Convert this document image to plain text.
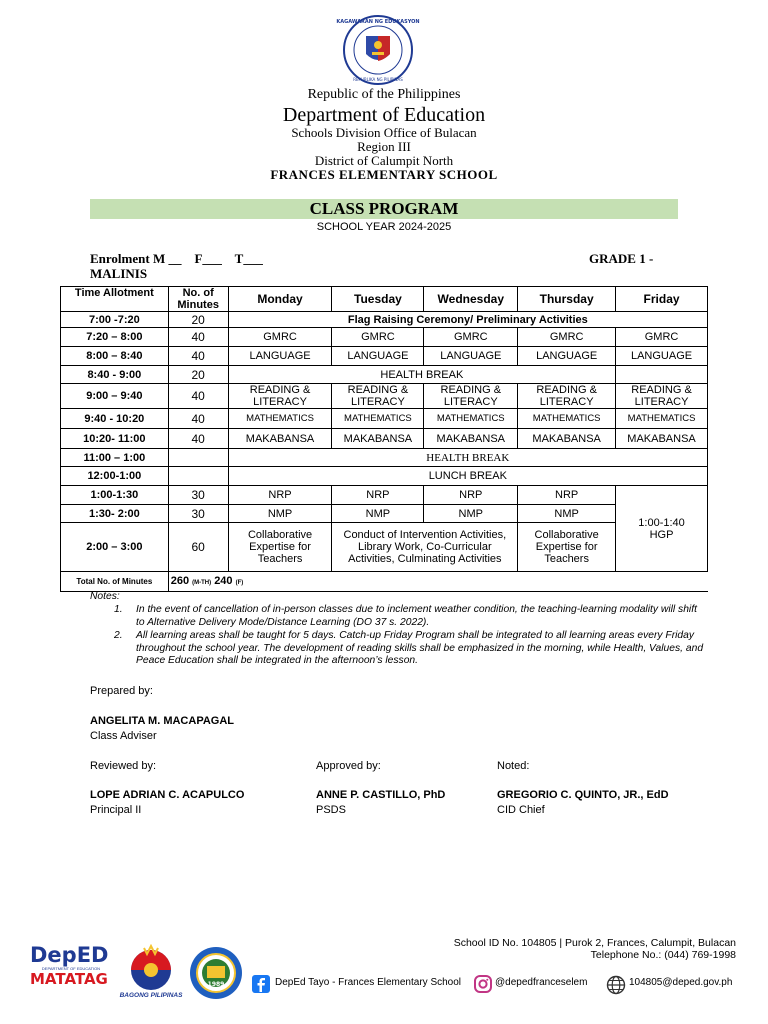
KAGAWARAN NG EDUKASYON
REPUBLIKA NG PILIPINAS
Republic of the Philippines
Department of Education
Schools Division Office of Bulacan
Region III
District of Calumpit North
FRANCES ELEMENTARY SCHOOL
CLASS PROGRAM
SCHOOL YEAR 2024-2025
Enrolment M __    F___    T___	GRADE 1 -
MALINIS
Time Allotment	No. of Minutes	Monday	Tuesday	Wednesday	Thursday	Friday
7:00 -7:20	20	Flag Raising Ceremony/ Preliminary Activities				
7:20 – 8:00	40	GMRC	GMRC	GMRC	GMRC	GMRC
8:00 – 8:40	40	LANGUAGE	LANGUAGE	LANGUAGE	LANGUAGE	LANGUAGE
8:40 - 9:00	20	HEALTH BREAK				
9:00 – 9:40	40	READING & LITERACY	READING & LITERACY	READING & LITERACY	READING & LITERACY	READING & LITERACY
9:40 - 10:20	40	MATHEMATICS	MATHEMATICS	MATHEMATICS	MATHEMATICS	MATHEMATICS
10:20- 11:00	40	MAKABANSA	MAKABANSA	MAKABANSA	MAKABANSA	MAKABANSA
11:00 – 1:00		HEALTH BREAK				
12:00-1:00		LUNCH BREAK				
1:00-1:30	30	NRP	NRP	NRP	NRP	1:00-1:40
HGP
1:30- 2:00	30	NMP	NMP	NMP	NMP	
2:00 – 3:00	60	Collaborative Expertise for Teachers	Conduct of Intervention Activities, Library Work, Co-Curricular Activities, Culminating Activities		Collaborative Expertise for Teachers	
Total No. of Minutes	260 (M-TH) 240 (F)					
Notes:
1. In the event of cancellation of in-person classes due to inclement weather condition, the teaching-learning modality will shift to Alternative Delivery Mode/Distance Learning (DO 37 s. 2022).
2. All learning areas shall be taught for 5 days. Catch-up Friday Program shall be integrated to all learning areas every Friday throughout the school year. The development of reading skills shall be emphasized in the morning, while Health, Values, and Peace Education shall be integrated in the afternoon’s lesson.
Prepared by:
ANGELITA M. MACAPAGAL
Class Adviser
Reviewed by:	Approved by:	Noted:
LOPE ADRIAN C. ACAPULCO
Principal II
ANNE P. CASTILLO, PhD
PSDS
GREGORIO C. QUINTO, JR., EdD
CID Chief
DepED
DEPARTMENT OF EDUCATION
MATATAG
BAGONG PILIPINAS
1989
School ID No. 104805 | Purok 2, Frances, Calumpit, Bulacan
Telephone No.: (044) 769-1998
DepEd Tayo - Frances Elementary School	@depedfranceselem	104805@deped.gov.ph
